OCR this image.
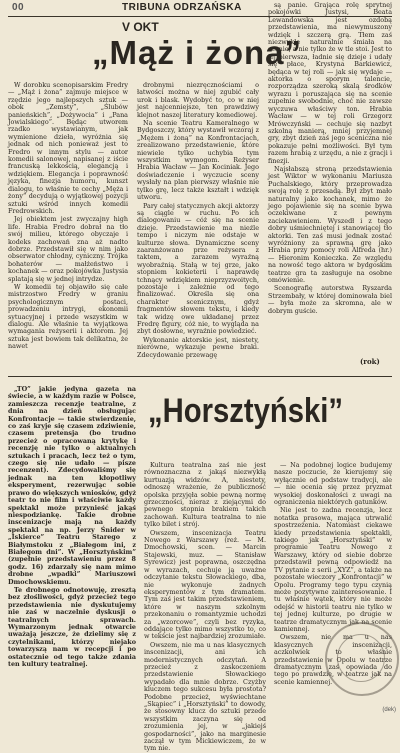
00	TRIBUNA ODRZAŃSKA
V OKT
„Mąż i żona”

W dorobku scenopisarskim Fredry — „Mąż i żona” zajmuje miejsce w rzędzie jego najlepszych sztuk — obok „Zemsty”, „Ślubów panieńskich”, „Dożywocia” i „Pana Jowialskiego”. Będąc utworem rzadko wystawianym, jak wymienione dzieła, wyróżnia się jednak od nich ponieważ jest to Fredro w innym stylu — autor komedii salonowej, napisanej z iście francuską lekkością, elegancją i wdziękiem. Elegancja i poprawność języka, finezja humoru, kunszt dialogu, to właśnie te cechy „Męża i żony” decydują o wyjątkowej pozycji sztuki wśród innych komedii Fredrowskich.

Jej obiektem jest zwyczajny high life. Hrabia Fredro dobrał na tło swój milieu, którego obyczaje i kodeks zachowań zna aż nadto dobrze. Przedstawił się w nim jako obserwator chłodny, cyniczny. Trójka bohaterów — małżeństwo i kochanek — oraz pokojówka Justysia splatają się w jednej intrydze.

W komedii tej objawiło się całe mistrzostwo Fredry w graniu psychologicznym postaci, prowadzeniu intrygi, ekonomii sytuacyjnej i przede wszystkim w dialogu. Ale właśnie ta wyjątkowa wymagania reżyserii i aktorom. Jej sztuka jest bowiem tak delikatna, że nawet

drobnymi niezręcznościami o łatwości można w niej zgubić cały urok i blask. Wydobyć to, co w niej jest najcenniejsze, ten prawdziwy klejnot naszej literatury komediowej.

Na scenie Teatru Kameralnego w Bydgoszczy, który wystawił wczoraj z „Mężem i żoną” na Konfrontacjach, zrealizowano przedstawienie, które niewiele tylko uchybia tym wszystkim wymogom. Reżyser Hrabia Wacław — Jan Kociniak. Jego doświadczenie i wyczucie sceny wysłały na plan pierwszy właśnie nie tylko grę, lecz także kształt i wdzięk utworu.

Pary całej statycznych akcji aktorzy są ciągle w ruchu. Po ich dialogowaniu — cóż się na scenie dzieje. Przedstawienie ma nieźle tempo i niczym nie odstaje w kulturze słowa. Dynamiczne sceny zaaranżowano prze reżysera z taktem, a zarazem wyraźną wyobraźnią. Stałą w tej grze, jako stopniem kokieterii i naprawdę tchnący wdziękiem nieprzyzwoitych, pozostaje i zależnie od tego finalizować. Określa się ona charakter scenicznym, gdyż fragmentów słowem tekstu, i kiedy tak widzę owe układanej przez Fredrę figury, cóż nie, to wygląda na zbyt dosłowne, wyraźnie powiedzieć.

Wykonanie aktorskie jest, niestety, nierówne, wykazuje pewne braki. Zdecydowanie przewagę

są panie. Grająca rolę sprytnej pokojówki Justysi, Beata Lewandowska jest ozdobą przedstawienia, ma niewymuszony wdzięk i szczerą grą. Tłem zaś niezwykle naturalnie śmiała na scenie, a nie tylko że w tle stoi. Jest to jej pierwsza, ładnie się dzieje i udały się płace, Krystyna Barkiewicz, będąca w tej roli — jak się wydaje — aktorka o sporym talencie, rozporządza szeroką skalą środków wyrazu i poruszająca się na scenie zupełnie swobodnie, choć nie zawsze wyczuwa właściwy ton. Hrabia Wacław — w tej roli Grzegorz Mrówczyński — cechuje się nazbyt szkolną manierą, mniej przyjemnej gry, zbyt dzień zaś jego sceniczna nie pokazuje pełni możliwości. Był tym razem hrabią z urzędu, a nie z gracji i finezji.

Najsłabszą stroną przedstawienia jest Wiktor w wykonaniu Mariusza Puchalskiego, który przeprowadza swoją rolę z przesadą. Był zbyt mało naturalny jako kochanek, mimo że jego pojawienie się na scenie bywa oczekiwane z pewnym zaciekawieniem. Wyszedł i z tego dobry uśmiechniętej i stanowiącej tło aktorki. Ten zaś musi jednak zostać wyróżniony za sprawną grę jako Hrabia przy pomocy roli Alfreda (hr.) — Hieronim Konieczka. Ze względu na nowość tego aktora w bydgoskim teatrze gra ta zasługuje na osobne omówienie.

Scenografię autorstwa Ryszarda Strzembały, w której dominowała biel — była może za skromna, ale w dobrym guście.

(rok)

„TO” jakie jedyna gazeta na świecie, a w każdym razie w Polsce, zamieszcza recenzje teatralne, z dnia na dzień obsługując Konfrontacje — takie stwierdzenie, co zaś kryje się czasem zdziwienie, czasem pretensja (bo trudno przecież o opracowaną krytykę i recenzję nie tylko o aktualnych sztukach i pracach, lecz też o tym, czego się nie udało — pisze recenzent). Zdecydowaliśmy się jednak na ten kłopotliwy eksperyment, rezerwując sobie prawo do większych wniosków, gdyż teatr to nie film i właściwie każdy spektakl może przynieść jakąś niespodziankę. Takie drobne inscenizacje mają na każdy spektakl na np. Jerzy Śnider w „Iskierce” Teatru Starego z Białymstoku z „Białegom ini, z Białegom dni”. W „Horsztyńskim” (zupełnie przedstawieniu przez 8 godz. 16) zdarzały się nam mimo drobne „wpadki” Mariuszowi Dmochowskiemu.

Te drobnego odnotowuję, zresztą bez złośliwości, gdyż przecież tego przedstawienia nie dyskutujemy nie zaś w naczelnie dyskusji o teatralnych sprawach. Wymarzonym jednak otwarcie uważają jeszcze, że dzielimy się z czytelnikami, którzy niejako towarzyszą nam w recepcji i po ostatecznie od tego także zdania ten kultury teatralnej.

„Horsztyński”

Kultura teatralna zaś nie jest równoznaczna z jakąś niezwykłą kurtuazją widzów. A, niestety, odnoszę wrażenie, że publiczność opolska przyjęła sobie pewną normę grzeczności, nieraz z ziejącymi do pewnego stopnia brakiem takich zachowań. Kultura teatralna to nie tylko bilet i strój.

Owszem, inscenizacja Teatru Nowego z Warszawy (reż. — M. Dmochowski, scen. — Marcin Stajewski, muz. — Stanisław Syrewicz) jest poprawna, oszczędna w wyrazach, cechuje ją uważne odczytanie tekstu Słowackiego, dba, nie wykonuje żadnych eksperymentów z tym dramatem. Tym zaś jest takim przedstawieniem, które w naszym szkolnym przekonaniu o romantyzmie uchodzi za „wzorcowe”, czyli bez ryzyka, oddające tylko mimo wszystko to, co w tekście jest najbardziej zrozumiałe.

Owszem, nie ma u nas klasycznych inscenizacji, ani ich modernistycznych odczytań. A przecież z zaskoczeniem przedstawienie Słowackiego wypadało dla mnie dobrze. Czyżby kluczem tego sukcesu była prostota? Podobne przecież, wyświechtane „Skąpiec” i „Horsztyński” to dowody, że stosowny klucz do sztuki przede wszystkim zaczyna się od zrozumienia jej, w „jakiejś gospodarności”, jako na marginesie zaczął w tym Mickiewiczem, że w tym nie.

— Na podobnej logice budujemy nasze poczucie, że kierujemy się wyłącznie od podstaw tradycji, ale — nie ocenia się przez pryzmat wysokiej doskonałości z uwagi na ograniczenia niektórych gatunków.

Nie jest to zadna recenzja, lecz notatka prasowa, mająca utrwalić spostrzeżenia. Natomiast ciekawe kiedy przedstawienia spektakli, takiego jak „Horsztyński” w programie Teatru Nowego z Warszawy, który od siebie dobrze przedstawił pewną odpowiedź na TV pytanie z serii „XYZ”, a także na pozostałe wieczory „Konfrontacji” w Opolu. Programy tego typu czynią może pozytywne zainteresowanie. I tu właśnie wątek, który nie może odejść w historii teatru nie tylko w tej jednej kulturze, po drugie w teatrze dramatycznym jak na scenie kamiennej.

Owszem, nie ma u nas klasycznych inscenizacji, aczkolwiek to właśnie przedstawienie w Opolu w teatrze dramatycznym zaś opowiada do tego po prawdzie, w teatrze jak na scenie kamiennej.

(dek)
